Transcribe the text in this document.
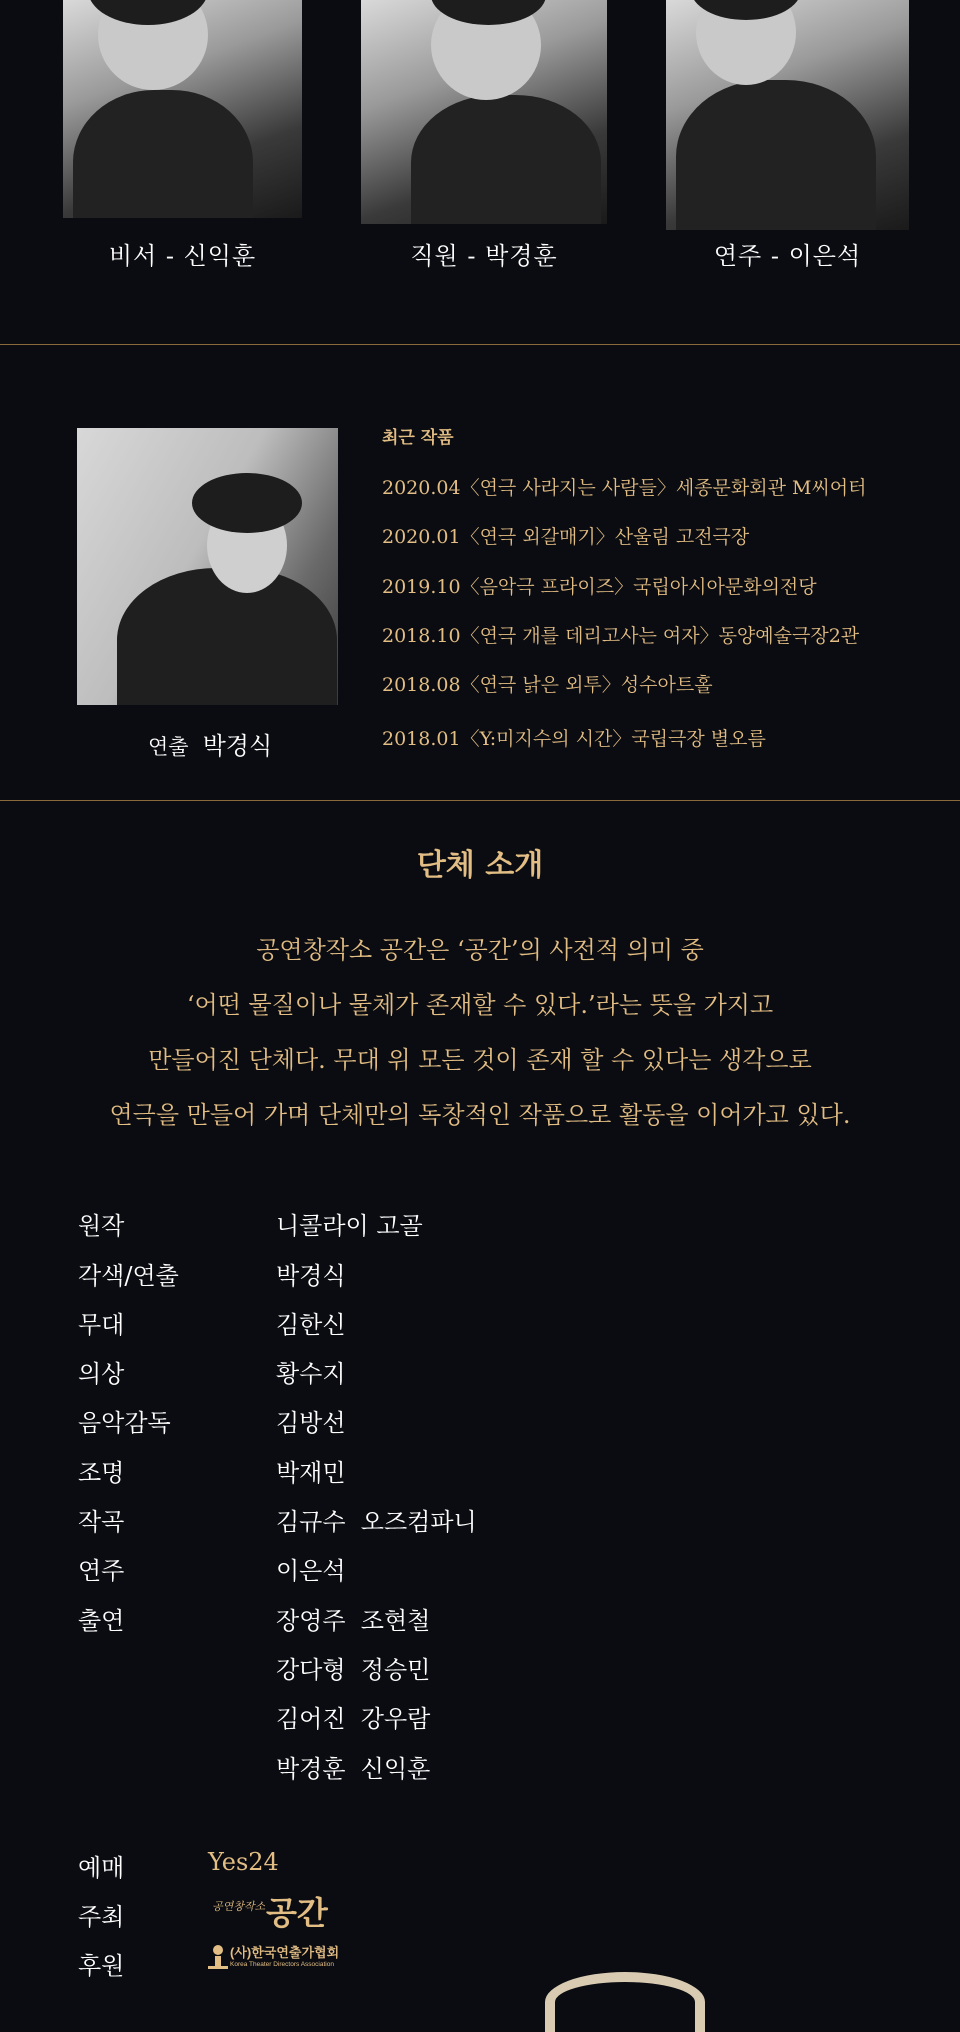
비서 - 신익훈	직원 - 박경훈	연주 - 이은석
연출 박경식
최근 작품
2020.04〈연극 사라지는 사람들〉세종문화회관 M씨어터
2020.01〈연극 외갈매기〉산울림 고전극장
2019.10〈음악극 프라이즈〉국립아시아문화의전당
2018.10〈연극 개를 데리고사는 여자〉동양예술극장2관
2018.08〈연극 낡은 외투〉성수아트홀
2018.01〈Y:미지수의 시간〉국립극장 별오름
단체 소개
공연창작소 공간은 ‘공간’의 사전적 의미 중
‘어떤 물질이나 물체가 존재할 수 있다.’라는 뜻을 가지고
만들어진 단체다. 무대 위 모든 것이 존재 할 수 있다는 생각으로
연극을 만들어 가며 단체만의 독창적인 작품으로 활동을 이어가고 있다.
원작	니콜라이 고골
각색/연출	박경식
무대	김한신
의상	황수지
음악감독	김방선
조명	박재민
작곡	김규수  오즈컴파니
연주	이은석
출연	장영주  조현철
강다형  정승민
김어진  강우람
박경훈  신익훈
예매	Yes24
주최	공연창작소 공간
후원	(사)한국연출가협회
Korea Theater Directors Association
